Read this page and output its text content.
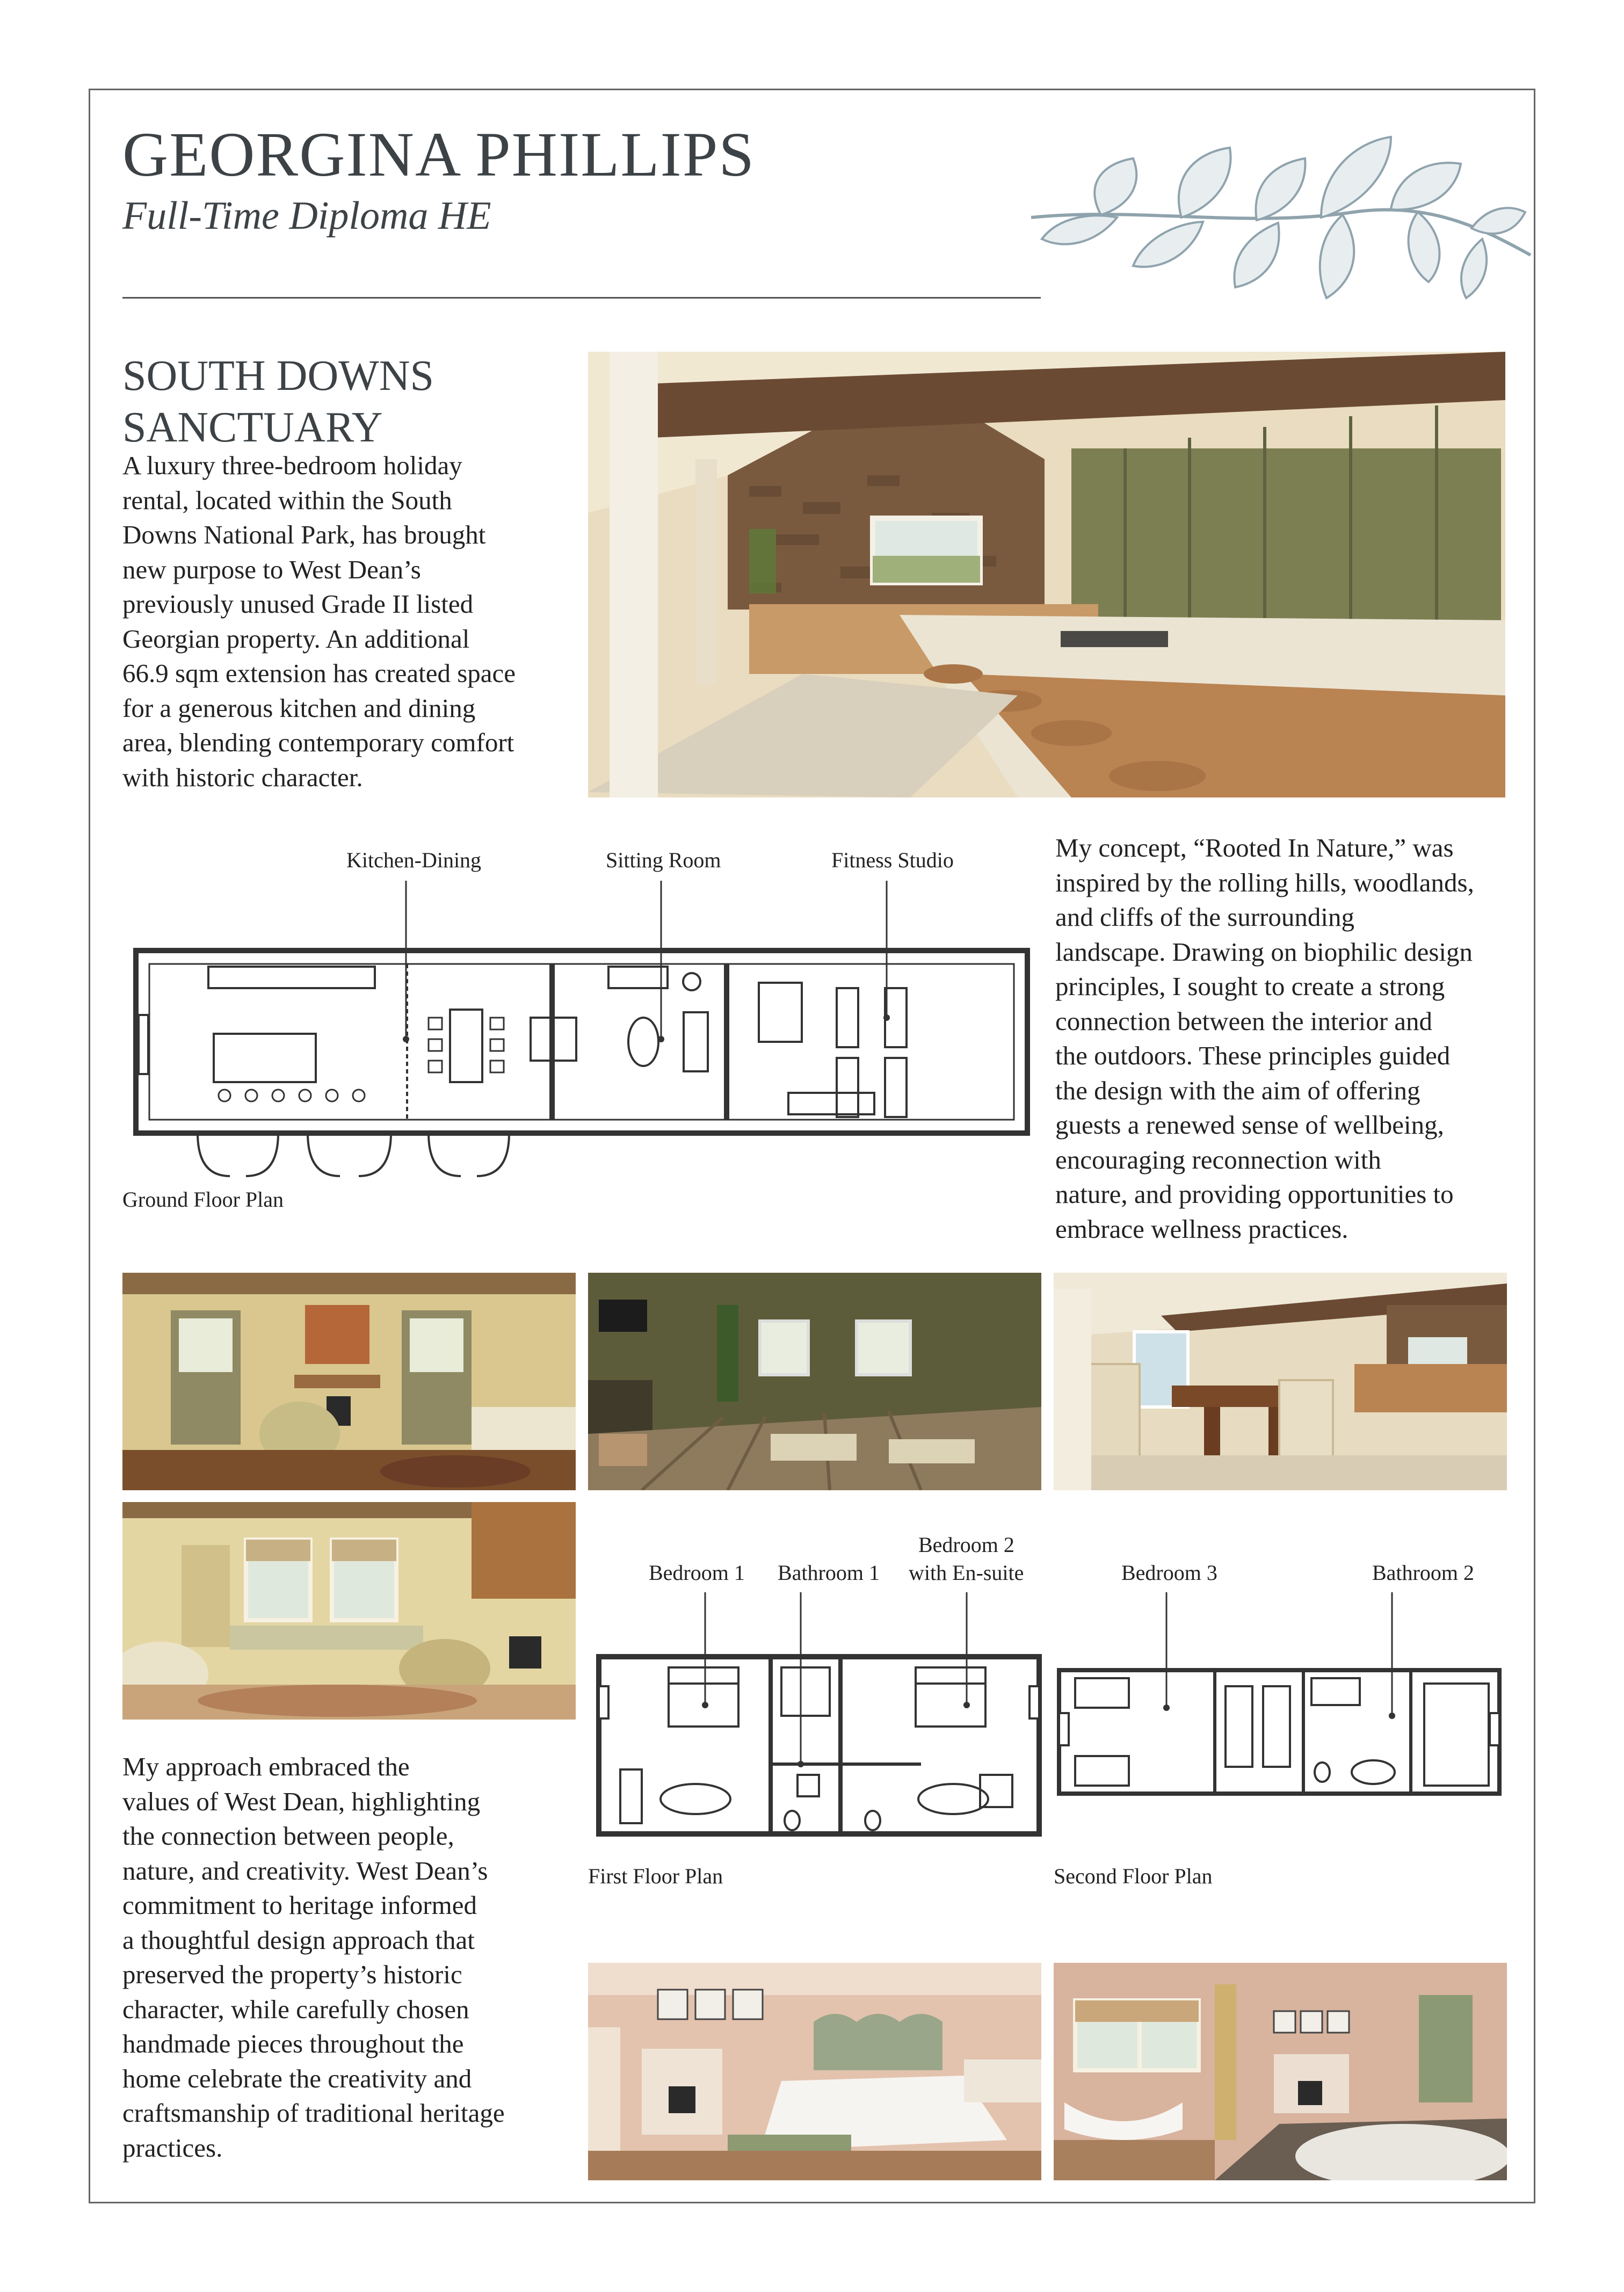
GEORGINA PHILLIPS
Full-Time Diploma HE
SOUTH DOWNS
SANCTUARY
A luxury three-bedroom holiday
rental, located within the South
Downs National Park, has brought
new purpose to West Dean’s
previously unused Grade II listed
Georgian property. An additional
66.9 sqm extension has created space
for a generous kitchen and dining
area, blending contemporary comfort
with historic character.
Kitchen-Dining	Sitting Room	Fitness Studio
Ground Floor Plan
My concept, “Rooted In Nature,” was
inspired by the rolling hills, woodlands,
and cliffs of the surrounding
landscape. Drawing on biophilic design
principles, I sought to create a strong
connection between the interior and
the outdoors. These principles guided
the design with the aim of offering
guests a renewed sense of wellbeing,
encouraging reconnection with
nature, and providing opportunities to
embrace wellness practices.
Bedroom 1 Bathroom 1
Bedroom 2
with En-suite	Bedroom 3	Bathroom 2
First Floor Plan	Second Floor Plan
My approach embraced the
values of West Dean, highlighting
the connection between people,
nature, and creativity. West Dean’s
commitment to heritage informed
a thoughtful design approach that
preserved the property’s historic
character, while carefully chosen
handmade pieces throughout the
home celebrate the creativity and
craftsmanship of traditional heritage
practices.
